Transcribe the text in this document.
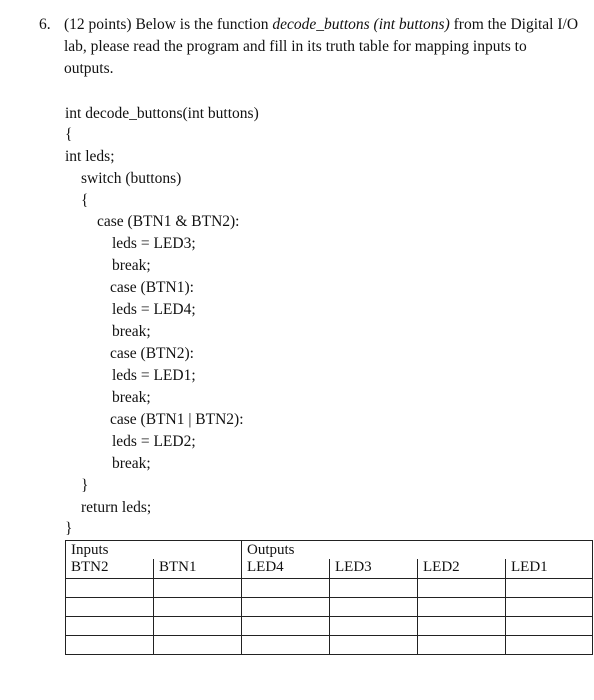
6. (12 points) Below is the function decode_buttons (int buttons) from the Digital I/O lab, please read the program and fill in its truth table for mapping inputs to outputs.
int decode_buttons(int buttons)
{
int leds;
switch (buttons)
{
case (BTN1 & BTN2):
leds = LED3;
break;
case (BTN1):
leds = LED4;
break;
case (BTN2):
leds = LED1;
break;
case (BTN1 | BTN2):
leds = LED2;
break;
}
return leds;
}
Inputs		Outputs			
BTN2	BTN1	LED4	LED3	LED2	LED1
